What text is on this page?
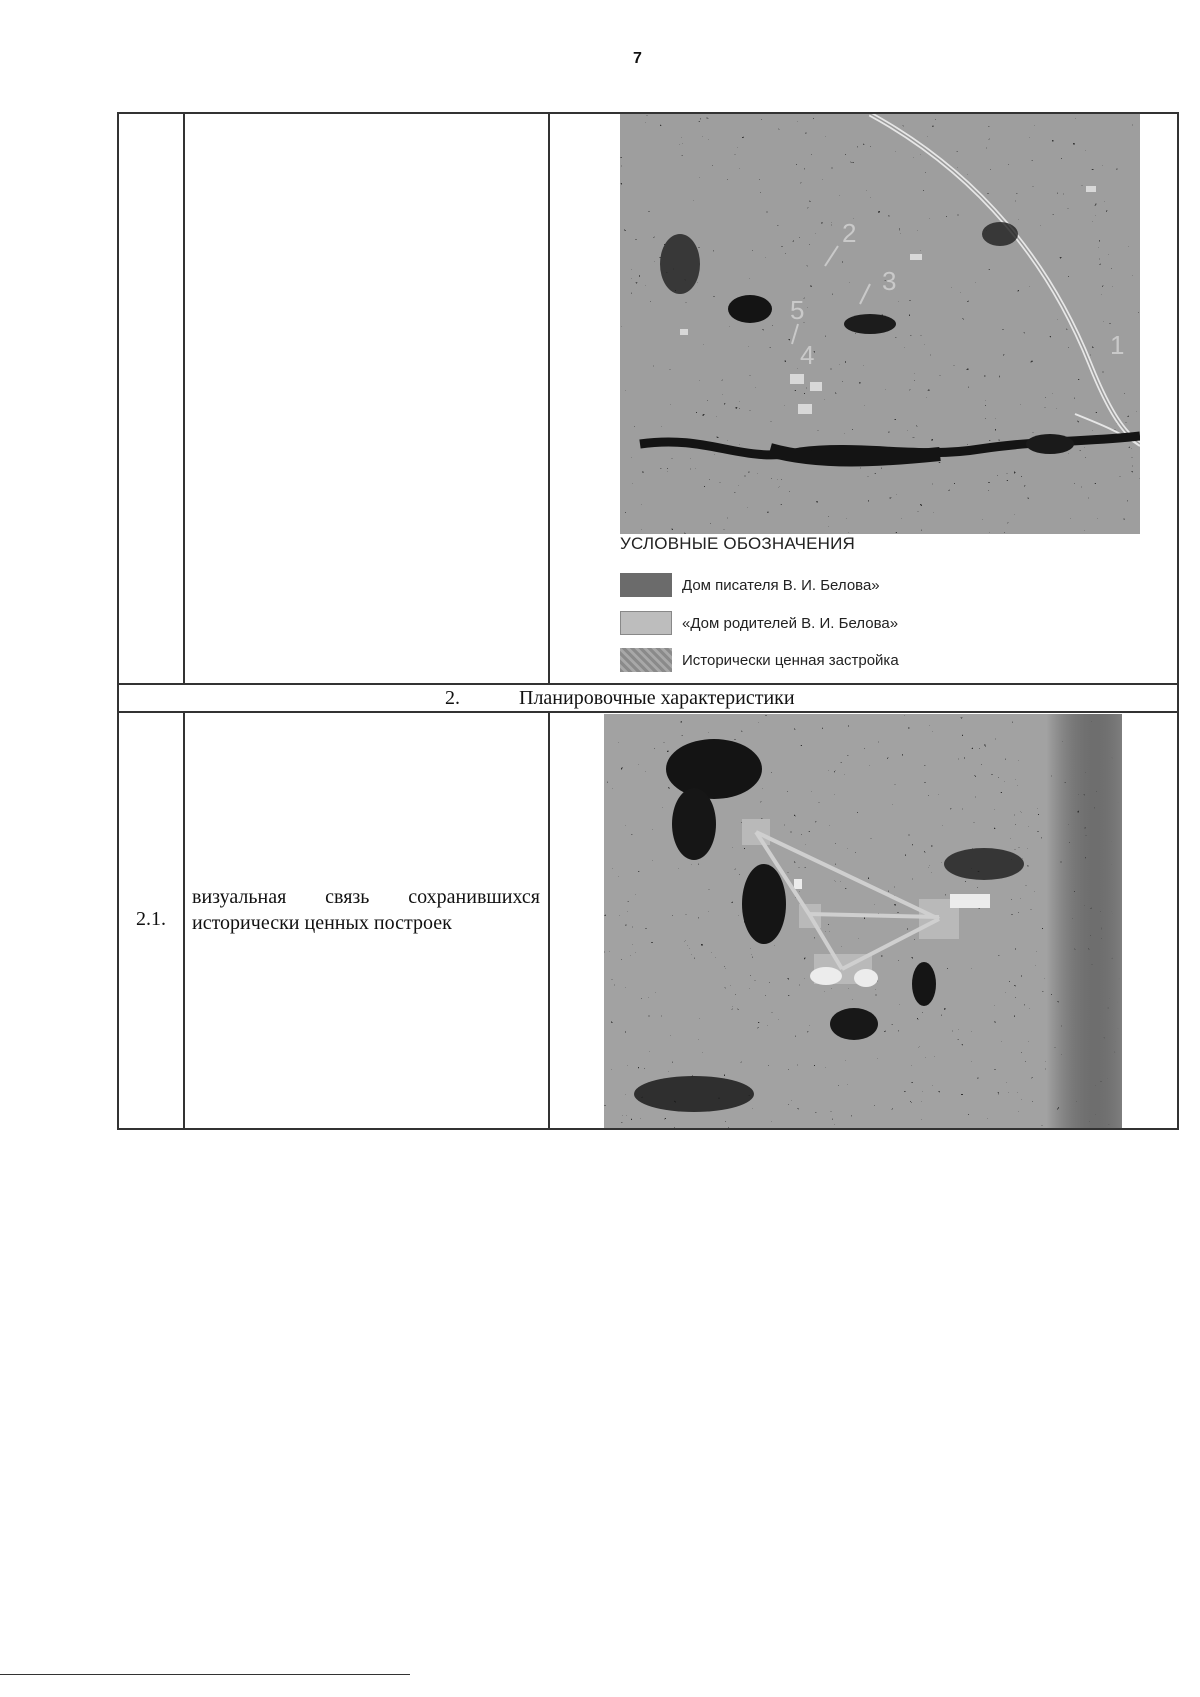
7
2
3
5
4	1
УСЛОВНЫЕ ОБОЗНАЧЕНИЯ
Дом писателя В. И. Белова»
«Дом родителей В. И. Белова»
Исторически ценная застройка
2.	Планировочные характеристики
2.1.
визуальная связь сохранившихся исторически ценных построек
